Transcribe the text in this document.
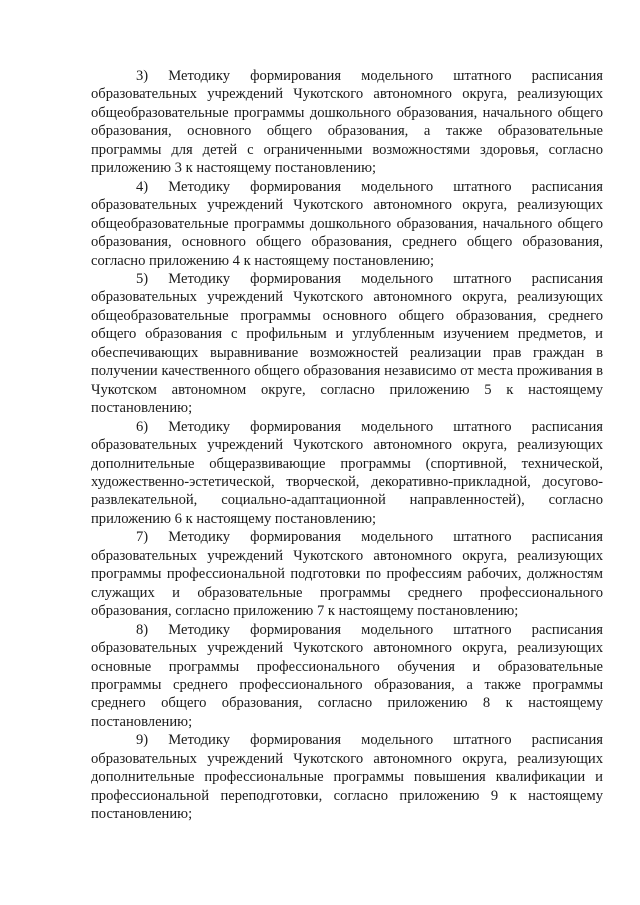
3) Методику формирования модельного штатного расписания образовательных учреждений Чукотского автономного округа, реализующих общеобразовательные программы дошкольного образования, начального общего образования, основного общего образования, а также образовательные программы для детей с ограниченными возможностями здоровья, согласно приложению 3 к настоящему постановлению;

4) Методику формирования модельного штатного расписания образовательных учреждений Чукотского автономного округа, реализующих общеобразовательные программы дошкольного образования, начального общего образования, основного общего образования, среднего общего образования, согласно приложению 4 к настоящему постановлению;

5) Методику формирования модельного штатного расписания образовательных учреждений Чукотского автономного округа, реализующих общеобразовательные программы основного общего образования, среднего общего образования с профильным и углубленным изучением предметов, и обеспечивающих выравнивание возможностей реализации прав граждан в получении качественного общего образования независимо от места проживания в Чукотском автономном округе, согласно приложению 5 к настоящему постановлению;

6) Методику формирования модельного штатного расписания образовательных учреждений Чукотского автономного округа, реализующих дополнительные общеразвивающие программы (спортивной, технической, художественно-эстетической, творческой, декоративно-прикладной, досугово-развлекательной, социально-адаптационной направленностей), согласно приложению 6 к настоящему постановлению;

7) Методику формирования модельного штатного расписания образовательных учреждений Чукотского автономного округа, реализующих программы профессиональной подготовки по профессиям рабочих, должностям служащих и образовательные программы среднего профессионального образования, согласно приложению 7 к настоящему постановлению;

8) Методику формирования модельного штатного расписания образовательных учреждений Чукотского автономного округа, реализующих основные программы профессионального обучения и образовательные программы среднего профессионального образования, а также программы среднего общего образования, согласно приложению 8 к настоящему постановлению;

9) Методику формирования модельного штатного расписания образовательных учреждений Чукотского автономного округа, реализующих дополнительные профессиональные программы повышения квалификации и профессиональной переподготовки, согласно приложению 9 к настоящему постановлению;
